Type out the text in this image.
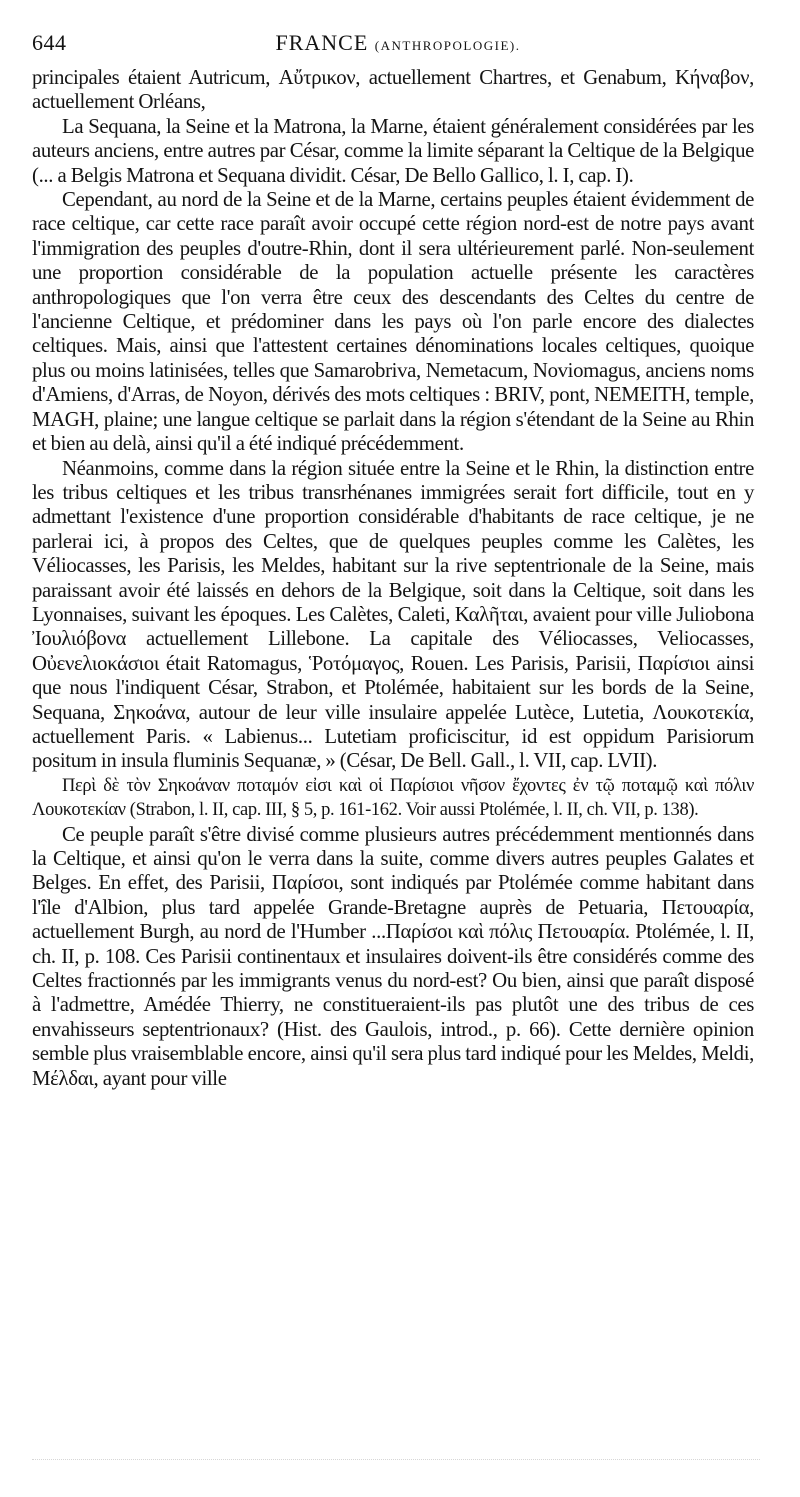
644	FRANCE (ANTHROPOLOGIE).

principales étaient Autricum, Αὔτρικον, actuellement Chartres, et Genabum, Κήναβον, actuellement Orléans,

La Sequana, la Seine et la Matrona, la Marne, étaient généralement considérées par les auteurs anciens, entre autres par César, comme la limite séparant la Celtique de la Belgique (... a Belgis Matrona et Sequana dividit. César, De Bello Gallico, l. I, cap. I).

Cependant, au nord de la Seine et de la Marne, certains peuples étaient évidemment de race celtique, car cette race paraît avoir occupé cette région nord-est de notre pays avant l'immigration des peuples d'outre-Rhin, dont il sera ultérieurement parlé. Non-seulement une proportion considérable de la population actuelle présente les caractères anthropologiques que l'on verra être ceux des descendants des Celtes du centre de l'ancienne Celtique, et prédominer dans les pays où l'on parle encore des dialectes celtiques. Mais, ainsi que l'attestent certaines dénominations locales celtiques, quoique plus ou moins latinisées, telles que Samarobriva, Nemetacum, Noviomagus, anciens noms d'Amiens, d'Arras, de Noyon, dérivés des mots celtiques : BRIV, pont, NEMEITH, temple, MAGH, plaine; une langue celtique se parlait dans la région s'étendant de la Seine au Rhin et bien au delà, ainsi qu'il a été indiqué précédemment.

Néanmoins, comme dans la région située entre la Seine et le Rhin, la distinction entre les tribus celtiques et les tribus transrhénanes immigrées serait fort difficile, tout en y admettant l'existence d'une proportion considérable d'habitants de race celtique, je ne parlerai ici, à propos des Celtes, que de quelques peuples comme les Calètes, les Véliocasses, les Parisis, les Meldes, habitant sur la rive septentrionale de la Seine, mais paraissant avoir été laissés en dehors de la Belgique, soit dans la Celtique, soit dans les Lyonnaises, suivant les époques. Les Calètes, Caleti, Καλῆται, avaient pour ville Juliobona Ἰουλιόβονα actuellement Lillebone. La capitale des Véliocasses, Veliocasses, Οὐενελιοκάσιοι était Ratomagus, Ῥοτόμαγος, Rouen. Les Parisis, Parisii, Παρίσιοι ainsi que nous l'indiquent César, Strabon, et Ptolémée, habitaient sur les bords de la Seine, Sequana, Σηκοάνα, autour de leur ville insulaire appelée Lutèce, Lutetia, Λουκοτεκία, actuellement Paris. « Labienus... Lutetiam proficiscitur, id est oppidum Parisiorum positum in insula fluminis Sequanæ, » (César, De Bell. Gall., l. VII, cap. LVII).

Περὶ δὲ τὸν Σηκοάναν ποταμόν εἰσι καὶ οἱ Παρίσιοι νῆσον ἔχοντες ἐν τῷ ποταμῷ καὶ πόλιν Λουκοτεκίαν (Strabon, l. II, cap. III, § 5, p. 161-162. Voir aussi Ptolémée, l. II, ch. VII, p. 138).

Ce peuple paraît s'être divisé comme plusieurs autres précédemment mentionnés dans la Celtique, et ainsi qu'on le verra dans la suite, comme divers autres peuples Galates et Belges. En effet, des Parisii, Παρίσοι, sont indiqués par Ptolémée comme habitant dans l'île d'Albion, plus tard appelée Grande-Bretagne auprès de Petuaria, Πετουαρία, actuellement Burgh, au nord de l'Humber ...Παρίσοι καὶ πόλις Πετουαρία. Ptolémée, l. II, ch. II, p. 108. Ces Parisii continentaux et insulaires doivent-ils être considérés comme des Celtes fractionnés par les immigrants venus du nord-est? Ou bien, ainsi que paraît disposé à l'admettre, Amédée Thierry, ne constitueraient-ils pas plutôt une des tribus de ces envahisseurs septentrionaux? (Hist. des Gaulois, introd., p. 66). Cette dernière opinion semble plus vraisemblable encore, ainsi qu'il sera plus tard indiqué pour les Meldes, Meldi, Μέλδαι, ayant pour ville
